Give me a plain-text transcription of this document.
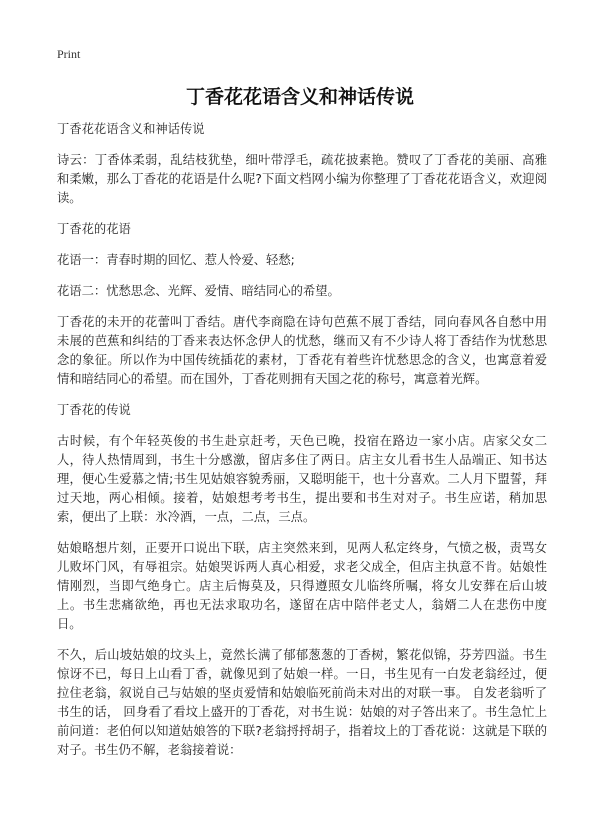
Print
丁香花花语含义和神话传说

丁香花花语含义和神话传说

诗云：丁香体柔弱，乱结枝犹垫，细叶带浮毛，疏花披素艳。赞叹了丁香花的美丽、高雅和柔嫩，那么丁香花的花语是什么呢?下面文档网小编为你整理了丁香花花语含义，欢迎阅读。

丁香花的花语

花语一：青春时期的回忆、惹人怜爱、轻愁;

花语二：忧愁思念、光辉、爱情、暗结同心的希望。

丁香花的未开的花蕾叫丁香结。唐代李商隐在诗句芭蕉不展丁香结，同向春风各自愁中用未展的芭蕉和纠结的丁香来表达怀念伊人的忧愁，继而又有不少诗人将丁香结作为忧愁思念的象征。所以作为中国传统插花的素材，丁香花有着些许忧愁思念的含义，也寓意着爱情和暗结同心的希望。而在国外，丁香花则拥有天国之花的称号，寓意着光辉。

丁香花的传说

古时候，有个年轻英俊的书生赴京赶考，天色已晚，投宿在路边一家小店。店家父女二人，待人热情周到，书生十分感激，留店多住了两日。店主女儿看书生人品端正、知书达理，便心生爱慕之情;书生见姑娘容貌秀丽，又聪明能干，也十分喜欢。二人月下盟誓，拜过天地，两心相倾。接着，姑娘想考考书生，提出要和书生对对子。书生应诺，稍加思索，便出了上联：氷冷酒，一点，二点，三点。

姑娘略想片刻，正要开口说出下联，店主突然来到，见两人私定终身，气愤之极，责骂女儿败坏门风，有辱祖宗。姑娘哭诉两人真心相爱，求老父成全，但店主执意不肯。姑娘性情刚烈，当即气绝身亡。店主后悔莫及，只得遵照女儿临终所嘱，将女儿安葬在后山坡上。书生悲痛欲绝，再也无法求取功名，遂留在店中陪伴老丈人，翁婿二人在悲伤中度日。

不久，后山坡姑娘的坟头上，竟然长满了郁郁葱葱的丁香树，繁花似锦，芬芳四溢。书生惊讶不已，每日上山看丁香，就像见到了姑娘一样。一日，书生见有一白发老翁经过，便拉住老翁，叙说自己与姑娘的坚贞爱情和姑娘临死前尚未对出的对联一事。 自发老翁听了书生的话， 回身看了看坟上盛开的丁香花，对书生说：姑娘的对子答出来了。书生急忙上前问道：老伯何以知道姑娘答的下联?老翁捋捋胡子，指着坟上的丁香花说：这就是下联的对子。书生仍不解，老翁接着说：
